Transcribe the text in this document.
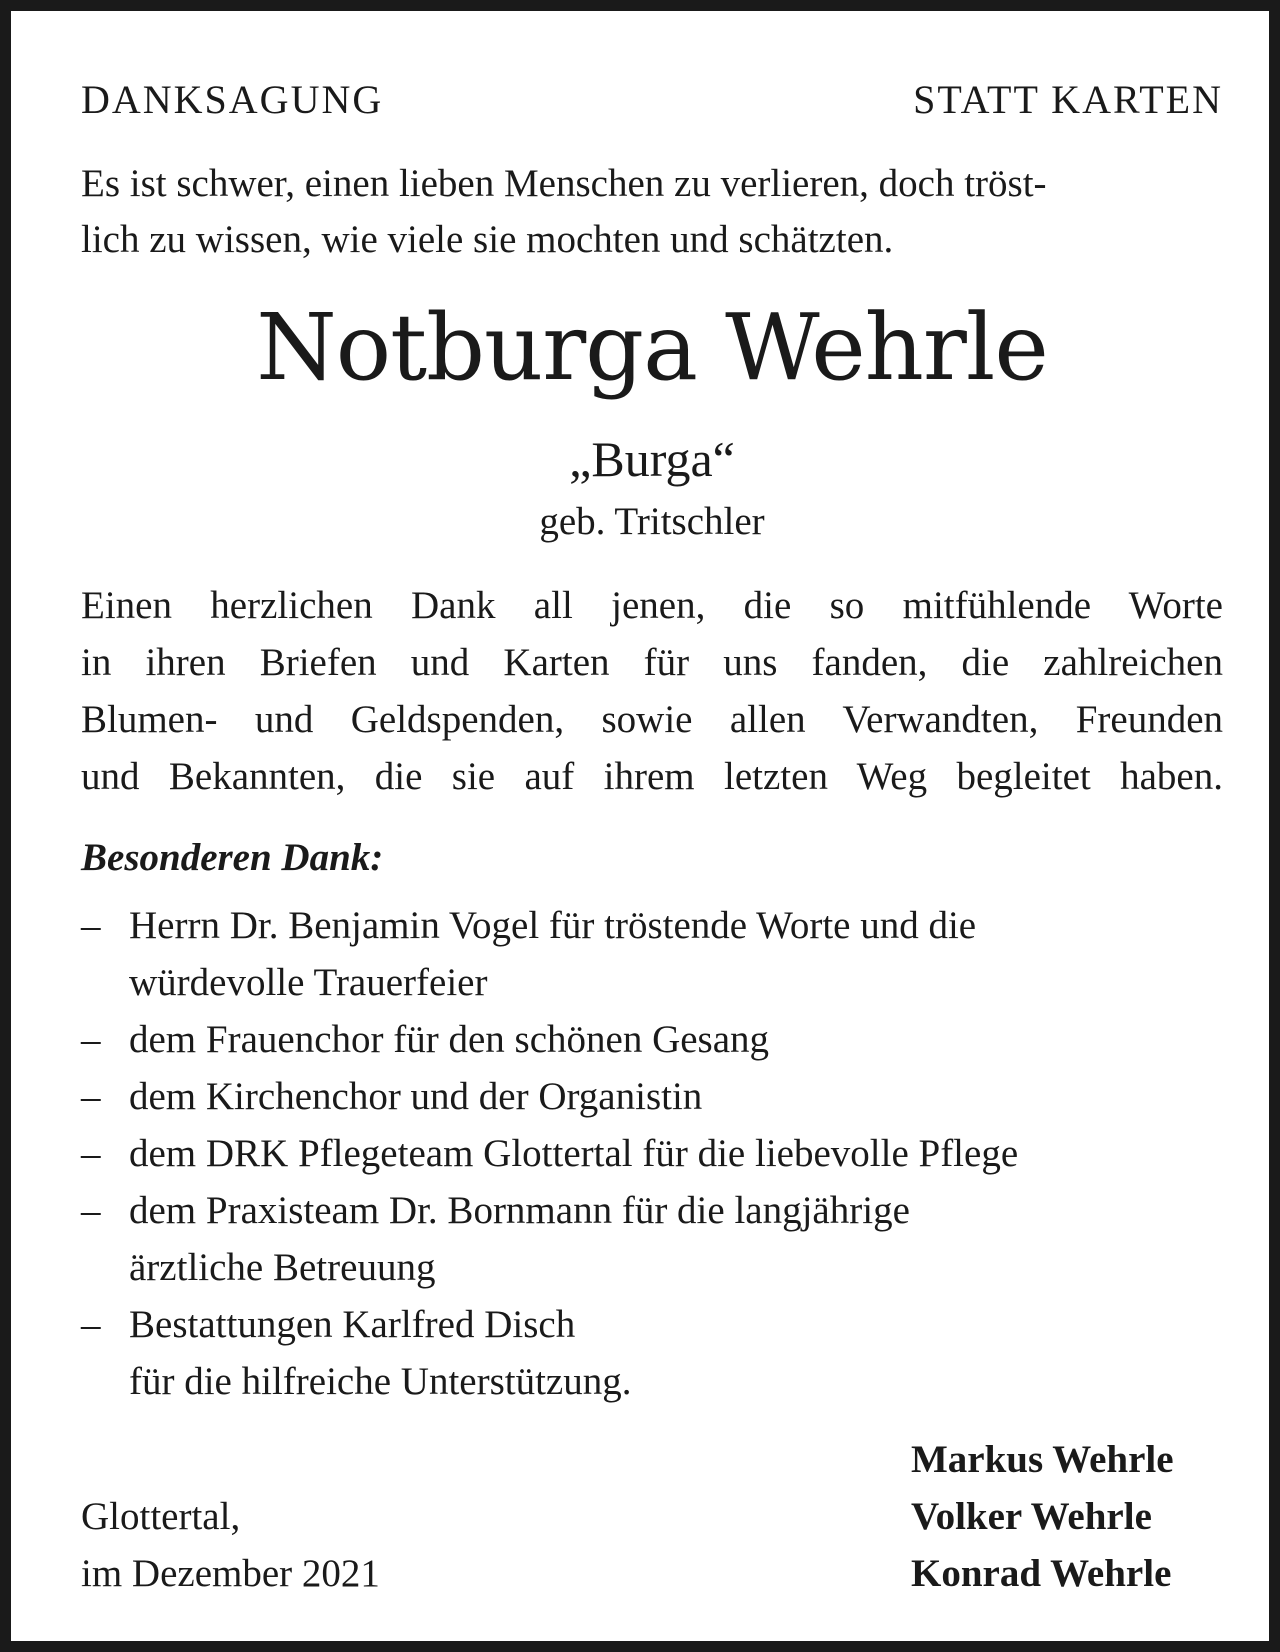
DANKSAGUNG	STATT KARTEN

Es ist schwer, einen lieben Menschen zu verlieren, doch tröst-
lich zu wissen, wie viele sie mochten und schätzten.

Notburga Wehrle
„Burga“
geb. Tritschler
Einen herzlichen Dank all jenen, die so mitfühlende Worte
in ihren Briefen und Karten für uns fanden, die zahlreichen
Blumen- und Geldspenden, sowie allen Verwandten, Freunden
und Bekannten, die sie auf ihrem letzten Weg begleitet haben.
Besonderen Dank:
– Herrn Dr. Benjamin Vogel für tröstende Worte und die
würdevolle Trauerfeier
– dem Frauenchor für den schönen Gesang
– dem Kirchenchor und der Organistin
– dem DRK Pflegeteam Glottertal für die liebevolle Pflege
– dem Praxisteam Dr. Bornmann für die langjährige
ärztliche Betreuung
– Bestattungen Karlfred Disch
für die hilfreiche Unterstützung.
Glottertal,
im Dezember 2021
Markus Wehrle
Volker Wehrle
Konrad Wehrle
